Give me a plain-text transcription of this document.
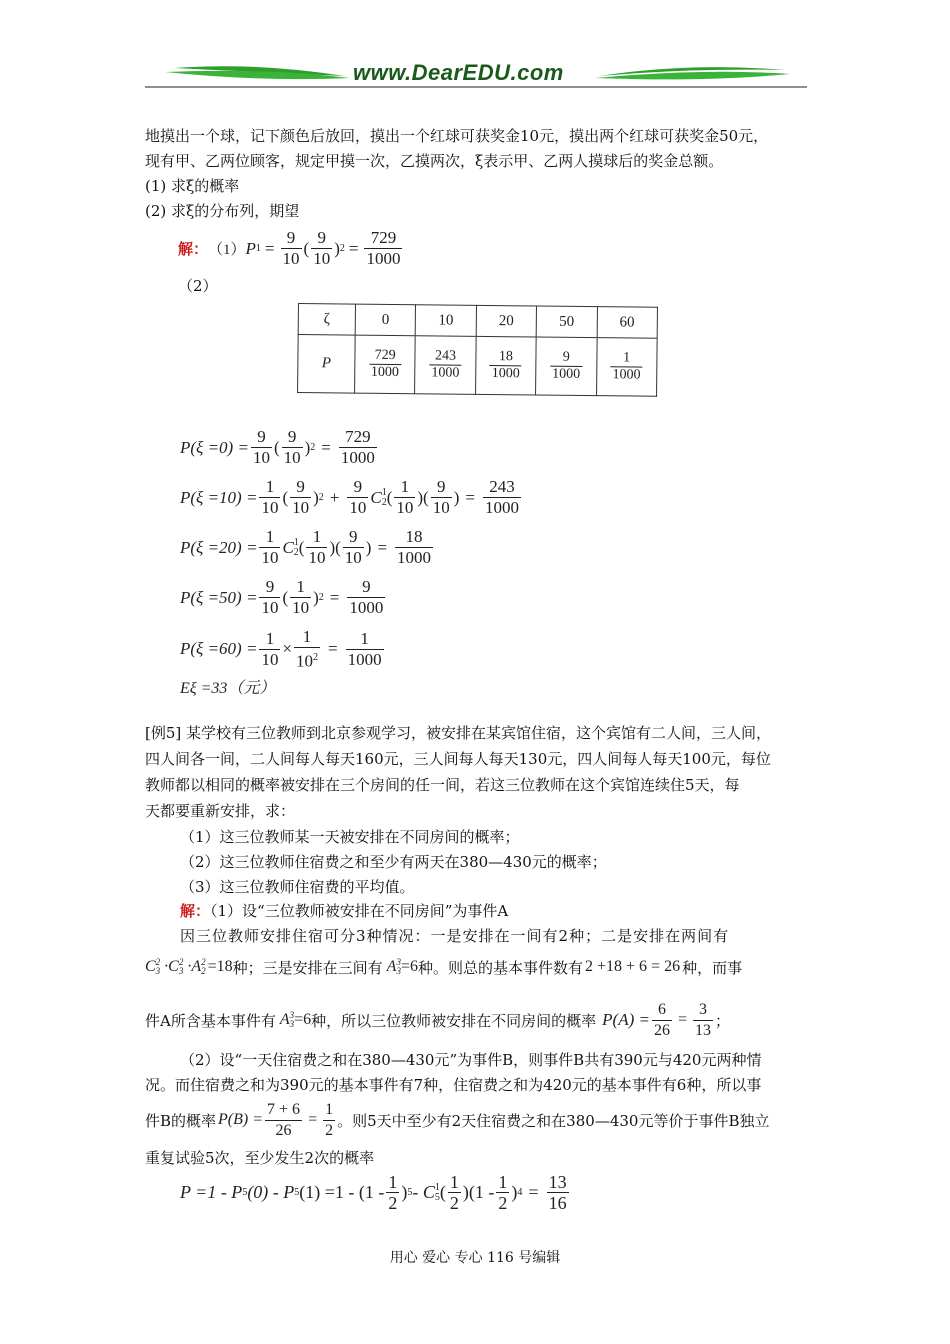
www.DearEDU.com
地摸出一个球，记下颜色后放回，摸出一个红球可获奖金10元，摸出两个红球可获奖金50元，
现有甲、乙两位顾客，规定甲摸一次，乙摸两次，ξ表示甲、乙两人摸球后的奖金总额。
(1) 求ξ的概率
(2) 求ξ的分布列，期望
解： （1） P $1 = \frac{9}{10}$ ( $\frac{9}{10}$ ) $2 = \frac{729}{1000}$
（2）
ζ	0	10	20	50	60
P	$\frac{729}{1000}$	$\frac{243}{1000}$	$\frac{18}{1000}$	$\frac{9}{1000}$	$\frac{1}{1000}$
$P(\xi =0) = \frac{9}{10}$ ( $\frac{9}{10}$ ) $2 = \frac{729}{1000}$
$P(\xi =10) = \frac{1}{10}$ ( $\frac{9}{10}$ ) $2 + \frac{9}{10}$ C 1
2 ( $\frac{1}{10}$ )( $\frac{9}{10}$ ) = $\frac{243}{1000}$
$P(\xi =20) = \frac{1}{10}$ C 1
2 ( $\frac{1}{10}$ )( $\frac{9}{10}$ ) = $\frac{18}{1000}$
$P(\xi =50) = \frac{9}{10}$ ( $\frac{1}{10}$ ) $2 = \frac{9}{1000}$
$P(\xi =60) = \frac{1}{10} \times \frac{1}{10^2} = \frac{1}{1000}$
Eξ =33（元）
[例5] 某学校有三位教师到北京参观学习，被安排在某宾馆住宿，这个宾馆有二人间，三人间，
四人间各一间，二人间每人每天160元，三人间每人每天130元，四人间每人每天100元，每位
教师都以相同的概率被安排在三个房间的任一间，若这三位教师在这个宾馆连续住5天，每
天都要重新安排，求：
（1）这三位教师某一天被安排在不同房间的概率；
（2）这三位教师住宿费之和至少有两天在380—430元的概率；
（3）这三位教师住宿费的平均值。
解：（1）设“三位教师被安排在不同房间”为事件A
因三位教师安排住宿可分3种情况：一是安排在一间有2种；二是安排在两间有
C 2
3 ·C 2
3 ·A 2
2 =18 种；三是安排在三间有 A 3
3 =6 种。则总的基本事件数有 2 +18 + 6 = 26 种，而事
件A所含基本事件有 A 3
3 =6 种，所以三位教师被安排在不同房间的概率 $P(A) = \frac{6}{26} = \frac{3}{13}$ ；
（2）设“一天住宿费之和在380—430元”为事件B，则事件B共有390元与420元两种情
况。而住宿费之和为390元的基本事件有7种，住宿费之和为420元的基本事件有6种，所以事
件B的概率 $P(B) = \frac{7 + 6}{26} = \frac{1}{2}$ 。则5天中至少有2天住宿费之和在380—430元等价于事件B独立
重复试验5次，至少发生2次的概率
P =1 - P 5 (0) - P 5 $(1) =1 - (1 - \frac{1}{2}$ ) 5 - C 1
5 ( $\frac{1}{2} )(1 - \frac{1}{2}$ ) $4 = \frac{13}{16}$
用心 爱心 专心 116 号编辑
